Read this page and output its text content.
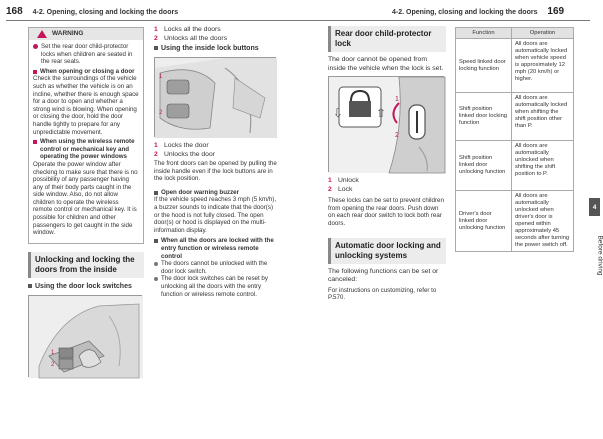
168 4-2. Opening, closing and locking the doors
WARNING
Set the rear door child-protector locks when children are seated in the rear seats.
When opening or closing a door

Check the surroundings of the vehicle such as whether the vehicle is on an incline, whether there is enough space for a door to open and whether a strong wind is blowing. When opening or closing the door, hold the door handle tightly to prepare for any unpredictable movement.

When using the wireless remote control or mechanical key and operating the power windows

Operate the power window after checking to make sure that there is no possibility of any passenger having any of their body parts caught in the side window. Also, do not allow children to operate the wireless remote control or mechanical key. It is possible for children and other passengers to get caught in the side window.

Unlocking and locking the doors from the inside
Using the door lock switches
1
2
1 Locks all the doors
2 Unlocks all the doors
Using the inside lock buttons
1
2
1 Locks the door
2 Unlocks the door

The front doors can be opened by pulling the inside handle even if the lock buttons are in the lock position.

Open door warning buzzer

If the vehicle speed reaches 3 mph (5 km/h), a buzzer sounds to indicate that the door(s) or the hood is not fully closed. The open door(s) or hood is displayed on the multi-information display.

When all the doors are locked with the entry function or wireless remote control
The doors cannot be unlocked with the door lock switch.
The door lock switches can be reset by unlocking all the doors with the entry function or wireless remote control.
4-2. Opening, closing and locking the doors 169
Rear door child-protector lock

The door cannot be opened from inside the vehicle when the lock is set.

⇩	⇧
1
2
1 Unlock
2 Lock

These locks can be set to prevent children from opening the rear doors. Push down on each rear door switch to lock both rear doors.

Automatic door locking and unlocking systems

The following functions can be set or canceled:

For instructions on customizing, refer to P.570.

Function	Operation
Speed linked door locking function	All doors are automatically locked when vehicle speed is approximately 12 mph (20 km/h) or higher.
Shift position linked door locking function	All doors are automatically locked when shifting the shift position other than P.
Shift position linked door unlocking function	All doors are automatically unlocked when shifting the shift position to P.
Driver's door linked door unlocking function	All doors are automatically unlocked when driver's door is opened within approximately 45 seconds after turning the power switch off.
4
Before driving
